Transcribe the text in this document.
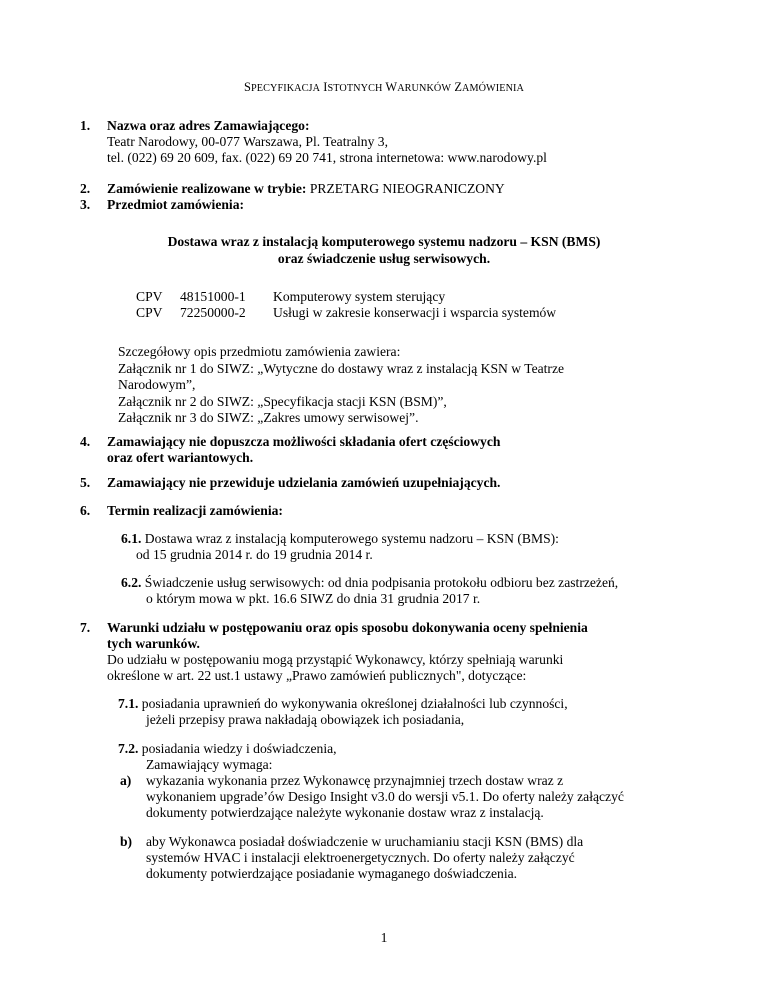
SPECYFIKACJA ISTOTNYCH WARUNKÓW ZAMÓWIENIA
1. Nazwa oraz adres Zamawiającego:
Teatr Narodowy, 00-077 Warszawa, Pl. Teatralny 3,
tel. (022) 69 20 609, fax. (022) 69 20 741, strona internetowa: www.narodowy.pl
2. Zamówienie realizowane w trybie: PRZETARG NIEOGRANICZONY
3. Przedmiot zamówienia:
Dostawa wraz z instalacją komputerowego systemu nadzoru – KSN (BMS)
oraz świadczenie usług serwisowych.
CPV 48151000-1 Komputerowy system sterujący
CPV 72250000-2 Usługi w zakresie konserwacji i wsparcia systemów
Szczegółowy opis przedmiotu zamówienia zawiera:
Załącznik nr 1 do SIWZ: „Wytyczne do dostawy wraz z instalacją KSN w Teatrze
Narodowym”,
Załącznik nr 2 do SIWZ: „Specyfikacja stacji KSN (BSM)”,
Załącznik nr 3 do SIWZ: „Zakres umowy serwisowej”.
4. Zamawiający nie dopuszcza możliwości składania ofert częściowych
oraz ofert wariantowych.
5. Zamawiający nie przewiduje udzielania zamówień uzupełniających.
6. Termin realizacji zamówienia:
6.1. Dostawa wraz z instalacją komputerowego systemu nadzoru – KSN (BMS):
od 15 grudnia 2014 r. do 19 grudnia 2014 r.
6.2. Świadczenie usług serwisowych: od dnia podpisania protokołu odbioru bez zastrzeżeń,
o którym mowa w pkt. 16.6 SIWZ do dnia 31 grudnia 2017 r.
7. Warunki udziału w postępowaniu oraz opis sposobu dokonywania oceny spełnienia
tych warunków.
Do udziału w postępowaniu mogą przystąpić Wykonawcy, którzy spełniają warunki
określone w art. 22 ust.1 ustawy „Prawo zamówień publicznych", dotyczące:
7.1. posiadania uprawnień do wykonywania określonej działalności lub czynności,
jeżeli przepisy prawa nakładają obowiązek ich posiadania,
7.2. posiadania wiedzy i doświadczenia,
Zamawiający wymaga:
a) wykazania wykonania przez Wykonawcę przynajmniej trzech dostaw wraz z
wykonaniem upgrade’ów Desigo Insight v3.0 do wersji v5.1. Do oferty należy załączyć
dokumenty potwierdzające należyte wykonanie dostaw wraz z instalacją.
b) aby Wykonawca posiadał doświadczenie w uruchamianiu stacji KSN (BMS) dla
systemów HVAC i instalacji elektroenergetycznych. Do oferty należy załączyć
dokumenty potwierdzające posiadanie wymaganego doświadczenia.
1
